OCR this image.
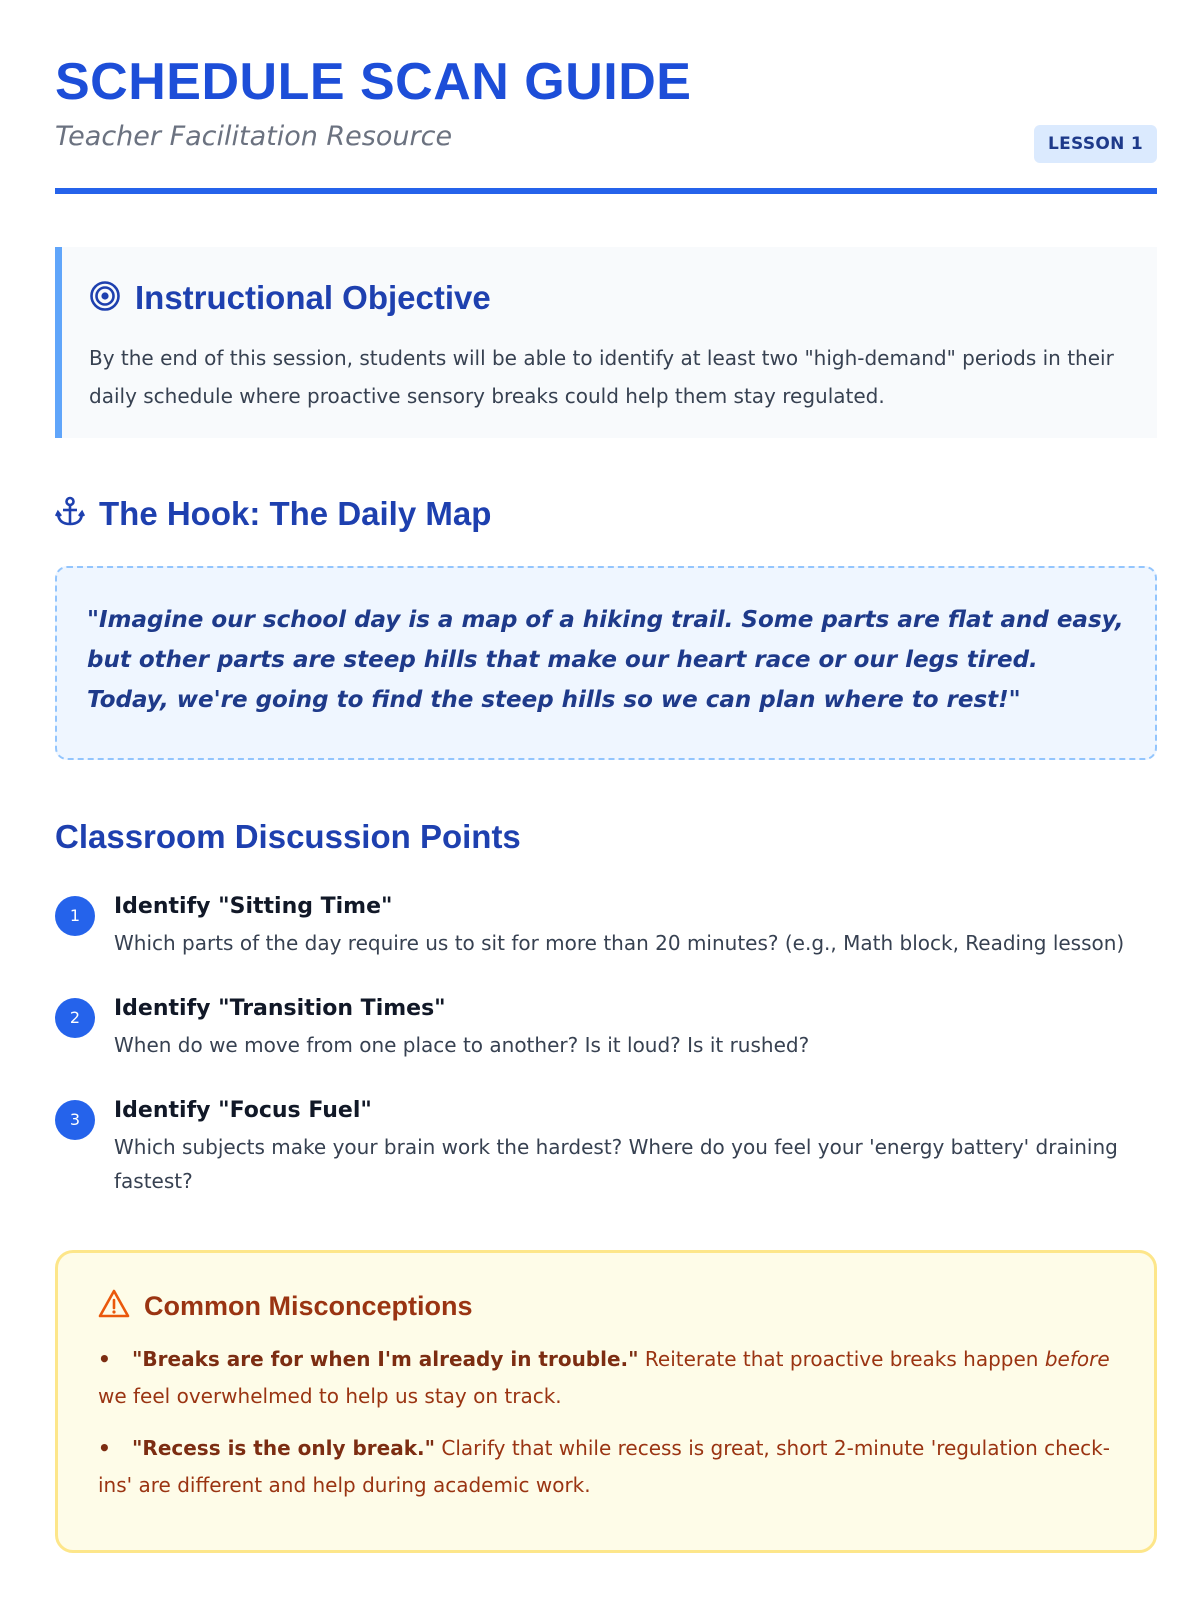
SCHEDULE SCAN GUIDE
Teacher Facilitation Resource	LESSON 1
Instructional Objective

By the end of this session, students will be able to identify at least two "high-demand" periods in their daily schedule where proactive sensory breaks could help them stay regulated.

The Hook: The Daily Map

"Imagine our school day is a map of a hiking trail. Some parts are flat and easy, but other parts are steep hills that make our heart race or our legs tired. Today, we're going to find the steep hills so we can plan where to rest!"

Classroom Discussion Points
1	Identify "Sitting Time"
Which parts of the day require us to sit for more than 20 minutes? (e.g., Math block, Reading lesson)
2	Identify "Transition Times"
When do we move from one place to another? Is it loud? Is it rushed?
3	Identify "Focus Fuel"
Which subjects make your brain work the hardest? Where do you feel your 'energy battery' draining fastest?
Common Misconceptions
• "Breaks are for when I'm already in trouble." Reiterate that proactive breaks happen before we feel overwhelmed to help us stay on track.
• "Recess is the only break." Clarify that while recess is great, short 2-minute 'regulation check-ins' are different and help during academic work.
